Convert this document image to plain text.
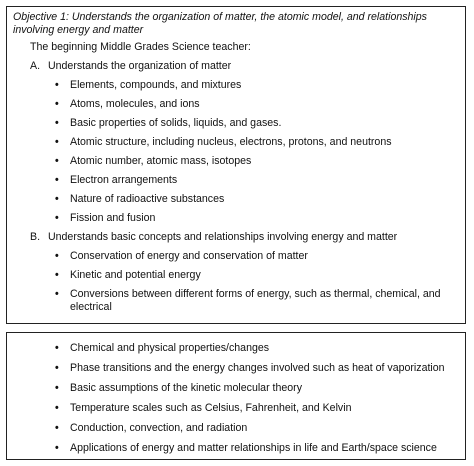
Objective 1: Understands the organization of matter, the atomic model, and relationships involving energy and matter
The beginning Middle Grades Science teacher:
A. Understands the organization of matter
•	Elements, compounds, and mixtures
•	Atoms, molecules, and ions
•	Basic properties of solids, liquids, and gases.
•	Atomic structure, including nucleus, electrons, protons, and neutrons
•	Atomic number, atomic mass, isotopes
•	Electron arrangements
•	Nature of radioactive substances
•	Fission and fusion
B. Understands basic concepts and relationships involving energy and matter
•	Conservation of energy and conservation of matter
•	Kinetic and potential energy
•	Conversions between different forms of energy, such as thermal, chemical, and electrical
•	Chemical and physical properties/changes
•	Phase transitions and the energy changes involved such as heat of vaporization
•	Basic assumptions of the kinetic molecular theory
•	Temperature scales such as Celsius, Fahrenheit, and Kelvin
•	Conduction, convection, and radiation
•	Applications of energy and matter relationships in life and Earth/space science
